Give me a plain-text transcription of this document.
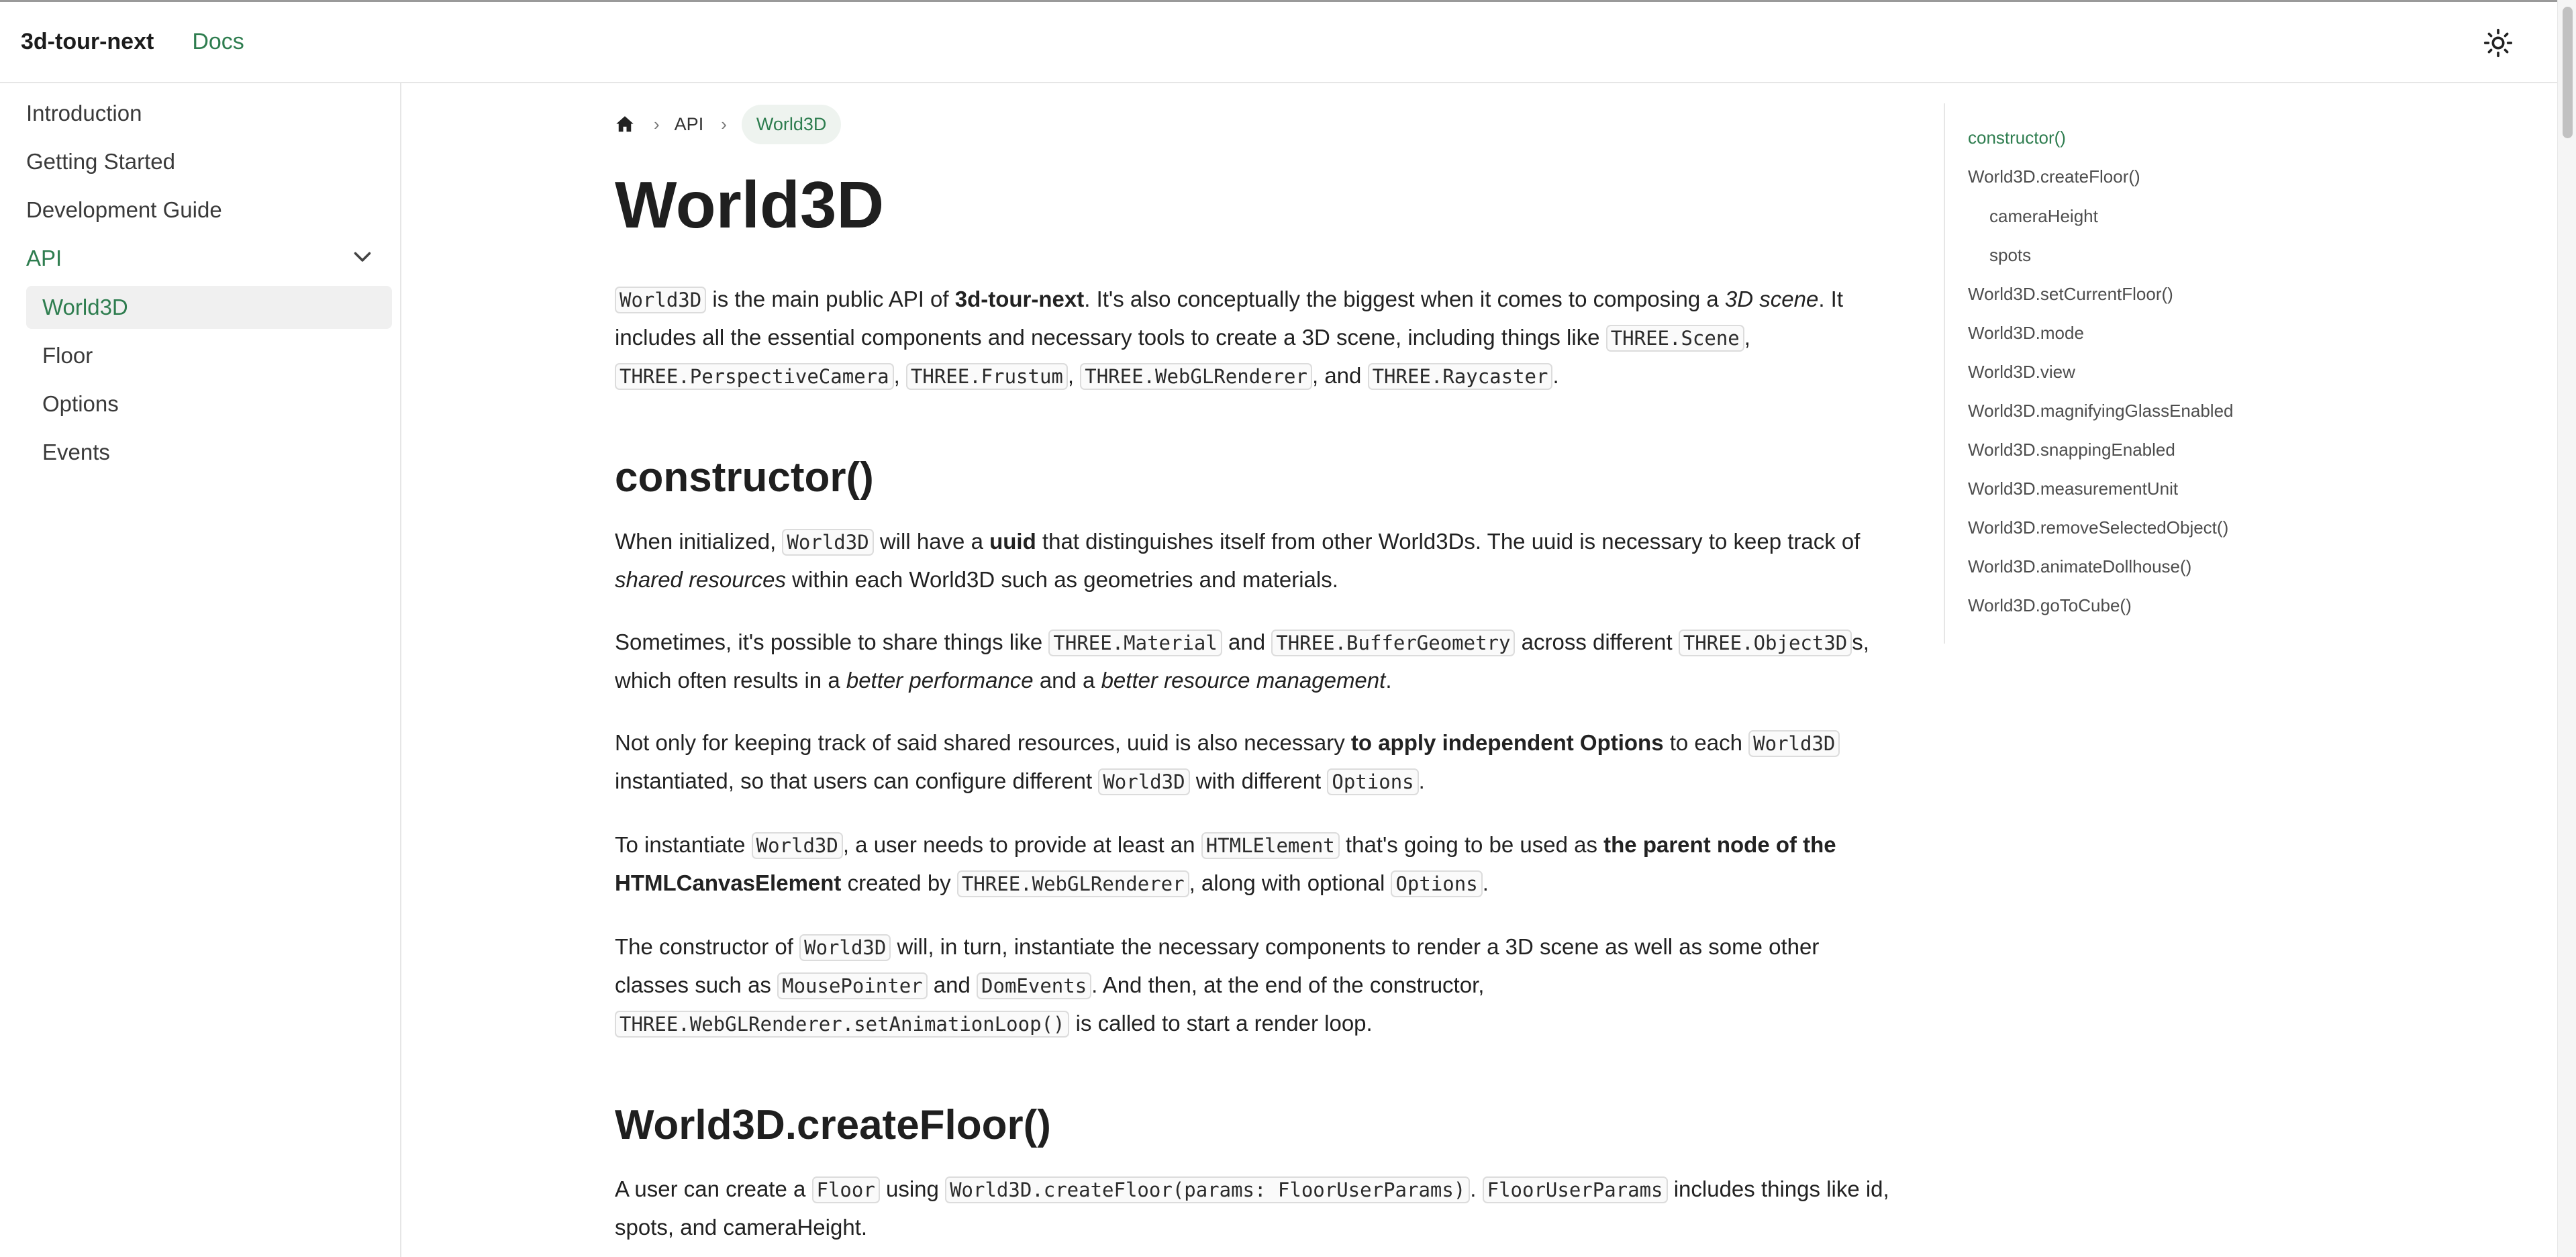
3d-tour-next Docs
Introduction
Getting Started
Development Guide
API
World3D
Floor
Options
Events
› API ›	World3D
World3D

World3D is the main public API of 3d-tour-next. It's also conceptually the biggest when it comes to composing a 3D scene. It includes all the essential components and necessary tools to create a 3D scene, including things like THREE.Scene , THREE.PerspectiveCamera , THREE.Frustum , THREE.WebGLRenderer , and THREE.Raycaster .

constructor()

When initialized, World3D will have a uuid that distinguishes itself from other World3Ds. The uuid is necessary to keep track of shared resources within each World3D such as geometries and materials.

Sometimes, it's possible to share things like THREE.Material and THREE.BufferGeometry across different THREE.Object3D s, which often results in a better performance and a better resource management.

Not only for keeping track of said shared resources, uuid is also necessary to apply independent Options to each World3D instantiated, so that users can configure different World3D with different Options .

To instantiate World3D , a user needs to provide at least an HTMLElement that's going to be used as the parent node of the HTMLCanvasElement created by THREE.WebGLRenderer , along with optional Options .

The constructor of World3D will, in turn, instantiate the necessary components to render a 3D scene as well as some other classes such as MousePointer and DomEvents . And then, at the end of the constructor, THREE.WebGLRenderer.setAnimationLoop() is called to start a render loop.

World3D.createFloor()

A user can create a Floor using World3D.createFloor(params: FloorUserParams) . FloorUserParams includes things like id, spots, and cameraHeight.

constructor()
World3D.createFloor()
cameraHeight
spots
World3D.setCurrentFloor()
World3D.mode
World3D.view
World3D.magnifyingGlassEnabled
World3D.snappingEnabled
World3D.measurementUnit
World3D.removeSelectedObject()
World3D.animateDollhouse()
World3D.goToCube()
